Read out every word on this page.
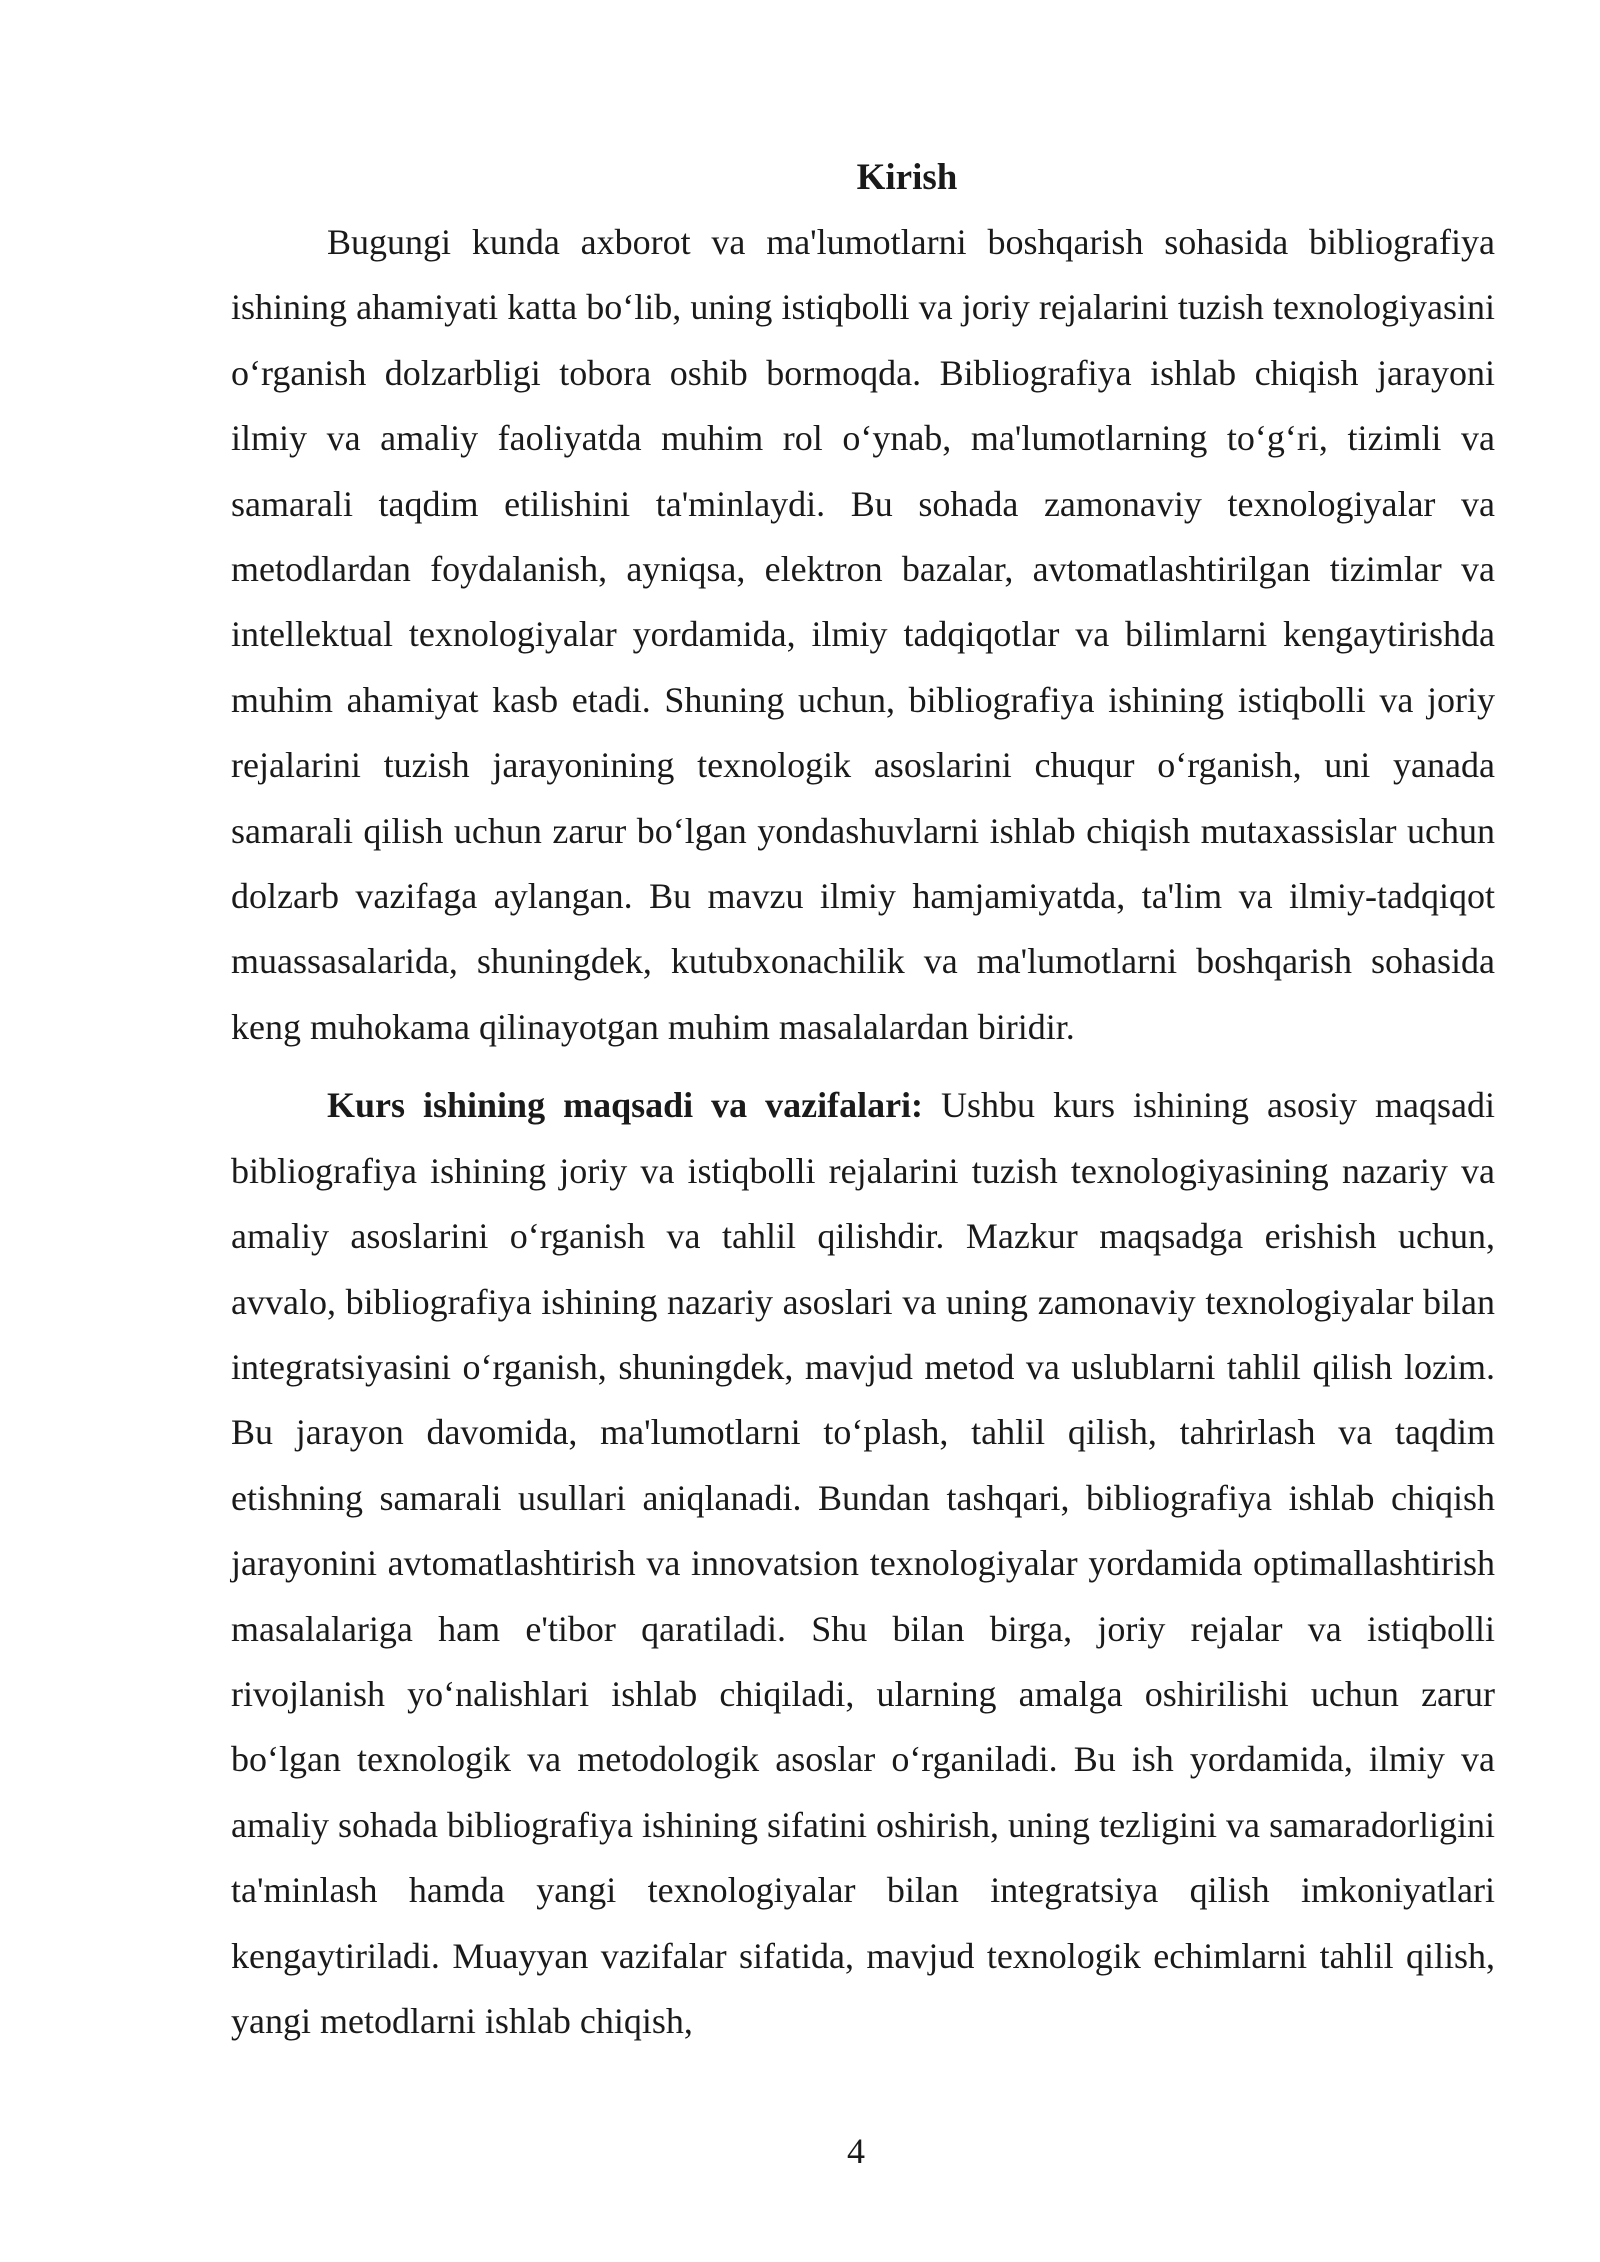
Kirish

Bugungi kunda axborot va ma'lumotlarni boshqarish sohasida bibliografiya ishining ahamiyati katta bo‘lib, uning istiqbolli va joriy rejalarini tuzish texnologiyasini o‘rganish dolzarbligi tobora oshib bormoqda. Bibliografiya ishlab chiqish jarayoni ilmiy va amaliy faoliyatda muhim rol o‘ynab, ma'lumotlarning to‘g‘ri, tizimli va samarali taqdim etilishini ta'minlaydi. Bu sohada zamonaviy texnologiyalar va metodlardan foydalanish, ayniqsa, elektron bazalar, avtomatlashtirilgan tizimlar va intellektual texnologiyalar yordamida, ilmiy tadqiqotlar va bilimlarni kengaytirishda muhim ahamiyat kasb etadi. Shuning uchun, bibliografiya ishining istiqbolli va joriy rejalarini tuzish jarayonining texnologik asoslarini chuqur o‘rganish, uni yanada samarali qilish uchun zarur bo‘lgan yondashuvlarni ishlab chiqish mutaxassislar uchun dolzarb vazifaga aylangan. Bu mavzu ilmiy hamjamiyatda, ta'lim va ilmiy-tadqiqot muassasalarida, shuningdek, kutubxonachilik va ma'lumotlarni boshqarish sohasida keng muhokama qilinayotgan muhim masalalardan biridir.

Kurs ishining maqsadi va vazifalari: Ushbu kurs ishining asosiy maqsadi bibliografiya ishining joriy va istiqbolli rejalarini tuzish texnologiyasining nazariy va amaliy asoslarini o‘rganish va tahlil qilishdir. Mazkur maqsadga erishish uchun, avvalo, bibliografiya ishining nazariy asoslari va uning zamonaviy texnologiyalar bilan integratsiyasini o‘rganish, shuningdek, mavjud metod va uslublarni tahlil qilish lozim. Bu jarayon davomida, ma'lumotlarni to‘plash, tahlil qilish, tahrirlash va taqdim etishning samarali usullari aniqlanadi. Bundan tashqari, bibliografiya ishlab chiqish jarayonini avtomatlashtirish va innovatsion texnologiyalar yordamida optimallashtirish masalalariga ham e'tibor qaratiladi. Shu bilan birga, joriy rejalar va istiqbolli rivojlanish yo‘nalishlari ishlab chiqiladi, ularning amalga oshirilishi uchun zarur bo‘lgan texnologik va metodologik asoslar o‘rganiladi. Bu ish yordamida, ilmiy va amaliy sohada bibliografiya ishining sifatini oshirish, uning tezligini va samaradorligini ta'minlash hamda yangi texnologiyalar bilan integratsiya qilish imkoniyatlari kengaytiriladi. Muayyan vazifalar sifatida, mavjud texnologik echimlarni tahlil qilish, yangi metodlarni ishlab chiqish,

4
